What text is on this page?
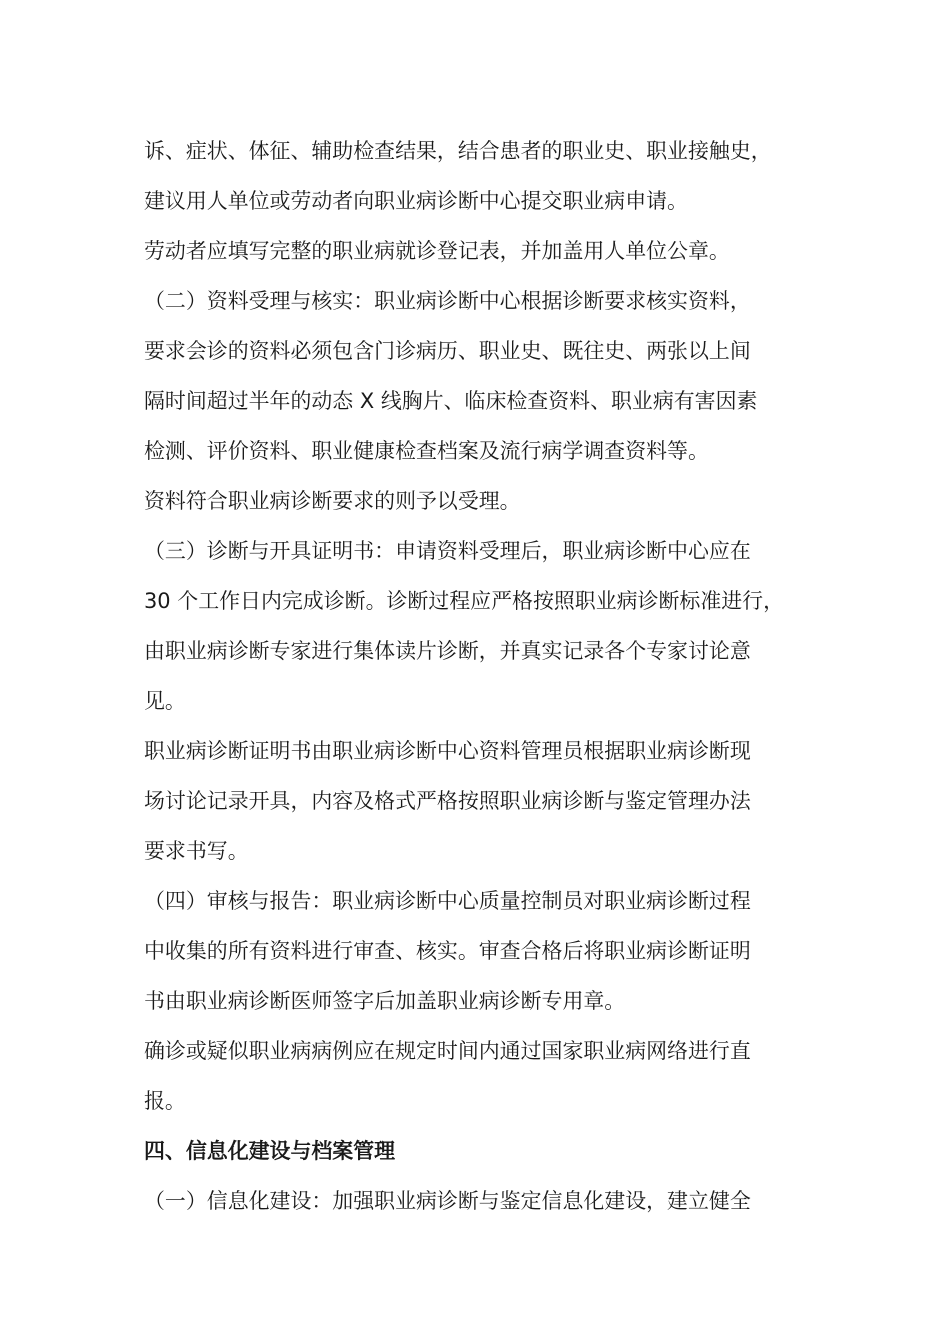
诉、症状、体征、辅助检查结果，结合患者的职业史、职业接触史，
建议用人单位或劳动者向职业病诊断中心提交职业病申请。
劳动者应填写完整的职业病就诊登记表，并加盖用人单位公章。
（二）资料受理与核实：职业病诊断中心根据诊断要求核实资料，
要求会诊的资料必须包含门诊病历、职业史、既往史、两张以上间
隔时间超过半年的动态 X 线胸片、临床检查资料、职业病有害因素
检测、评价资料、职业健康检查档案及流行病学调查资料等。
资料符合职业病诊断要求的则予以受理。
（三）诊断与开具证明书：申请资料受理后，职业病诊断中心应在
30 个工作日内完成诊断。诊断过程应严格按照职业病诊断标准进行，
由职业病诊断专家进行集体读片诊断，并真实记录各个专家讨论意
见。
职业病诊断证明书由职业病诊断中心资料管理员根据职业病诊断现
场讨论记录开具，内容及格式严格按照职业病诊断与鉴定管理办法
要求书写。
（四）审核与报告：职业病诊断中心质量控制员对职业病诊断过程
中收集的所有资料进行审查、核实。审查合格后将职业病诊断证明
书由职业病诊断医师签字后加盖职业病诊断专用章。
确诊或疑似职业病病例应在规定时间内通过国家职业病网络进行直
报。
四、信息化建设与档案管理
（一）信息化建设：加强职业病诊断与鉴定信息化建设，建立健全
